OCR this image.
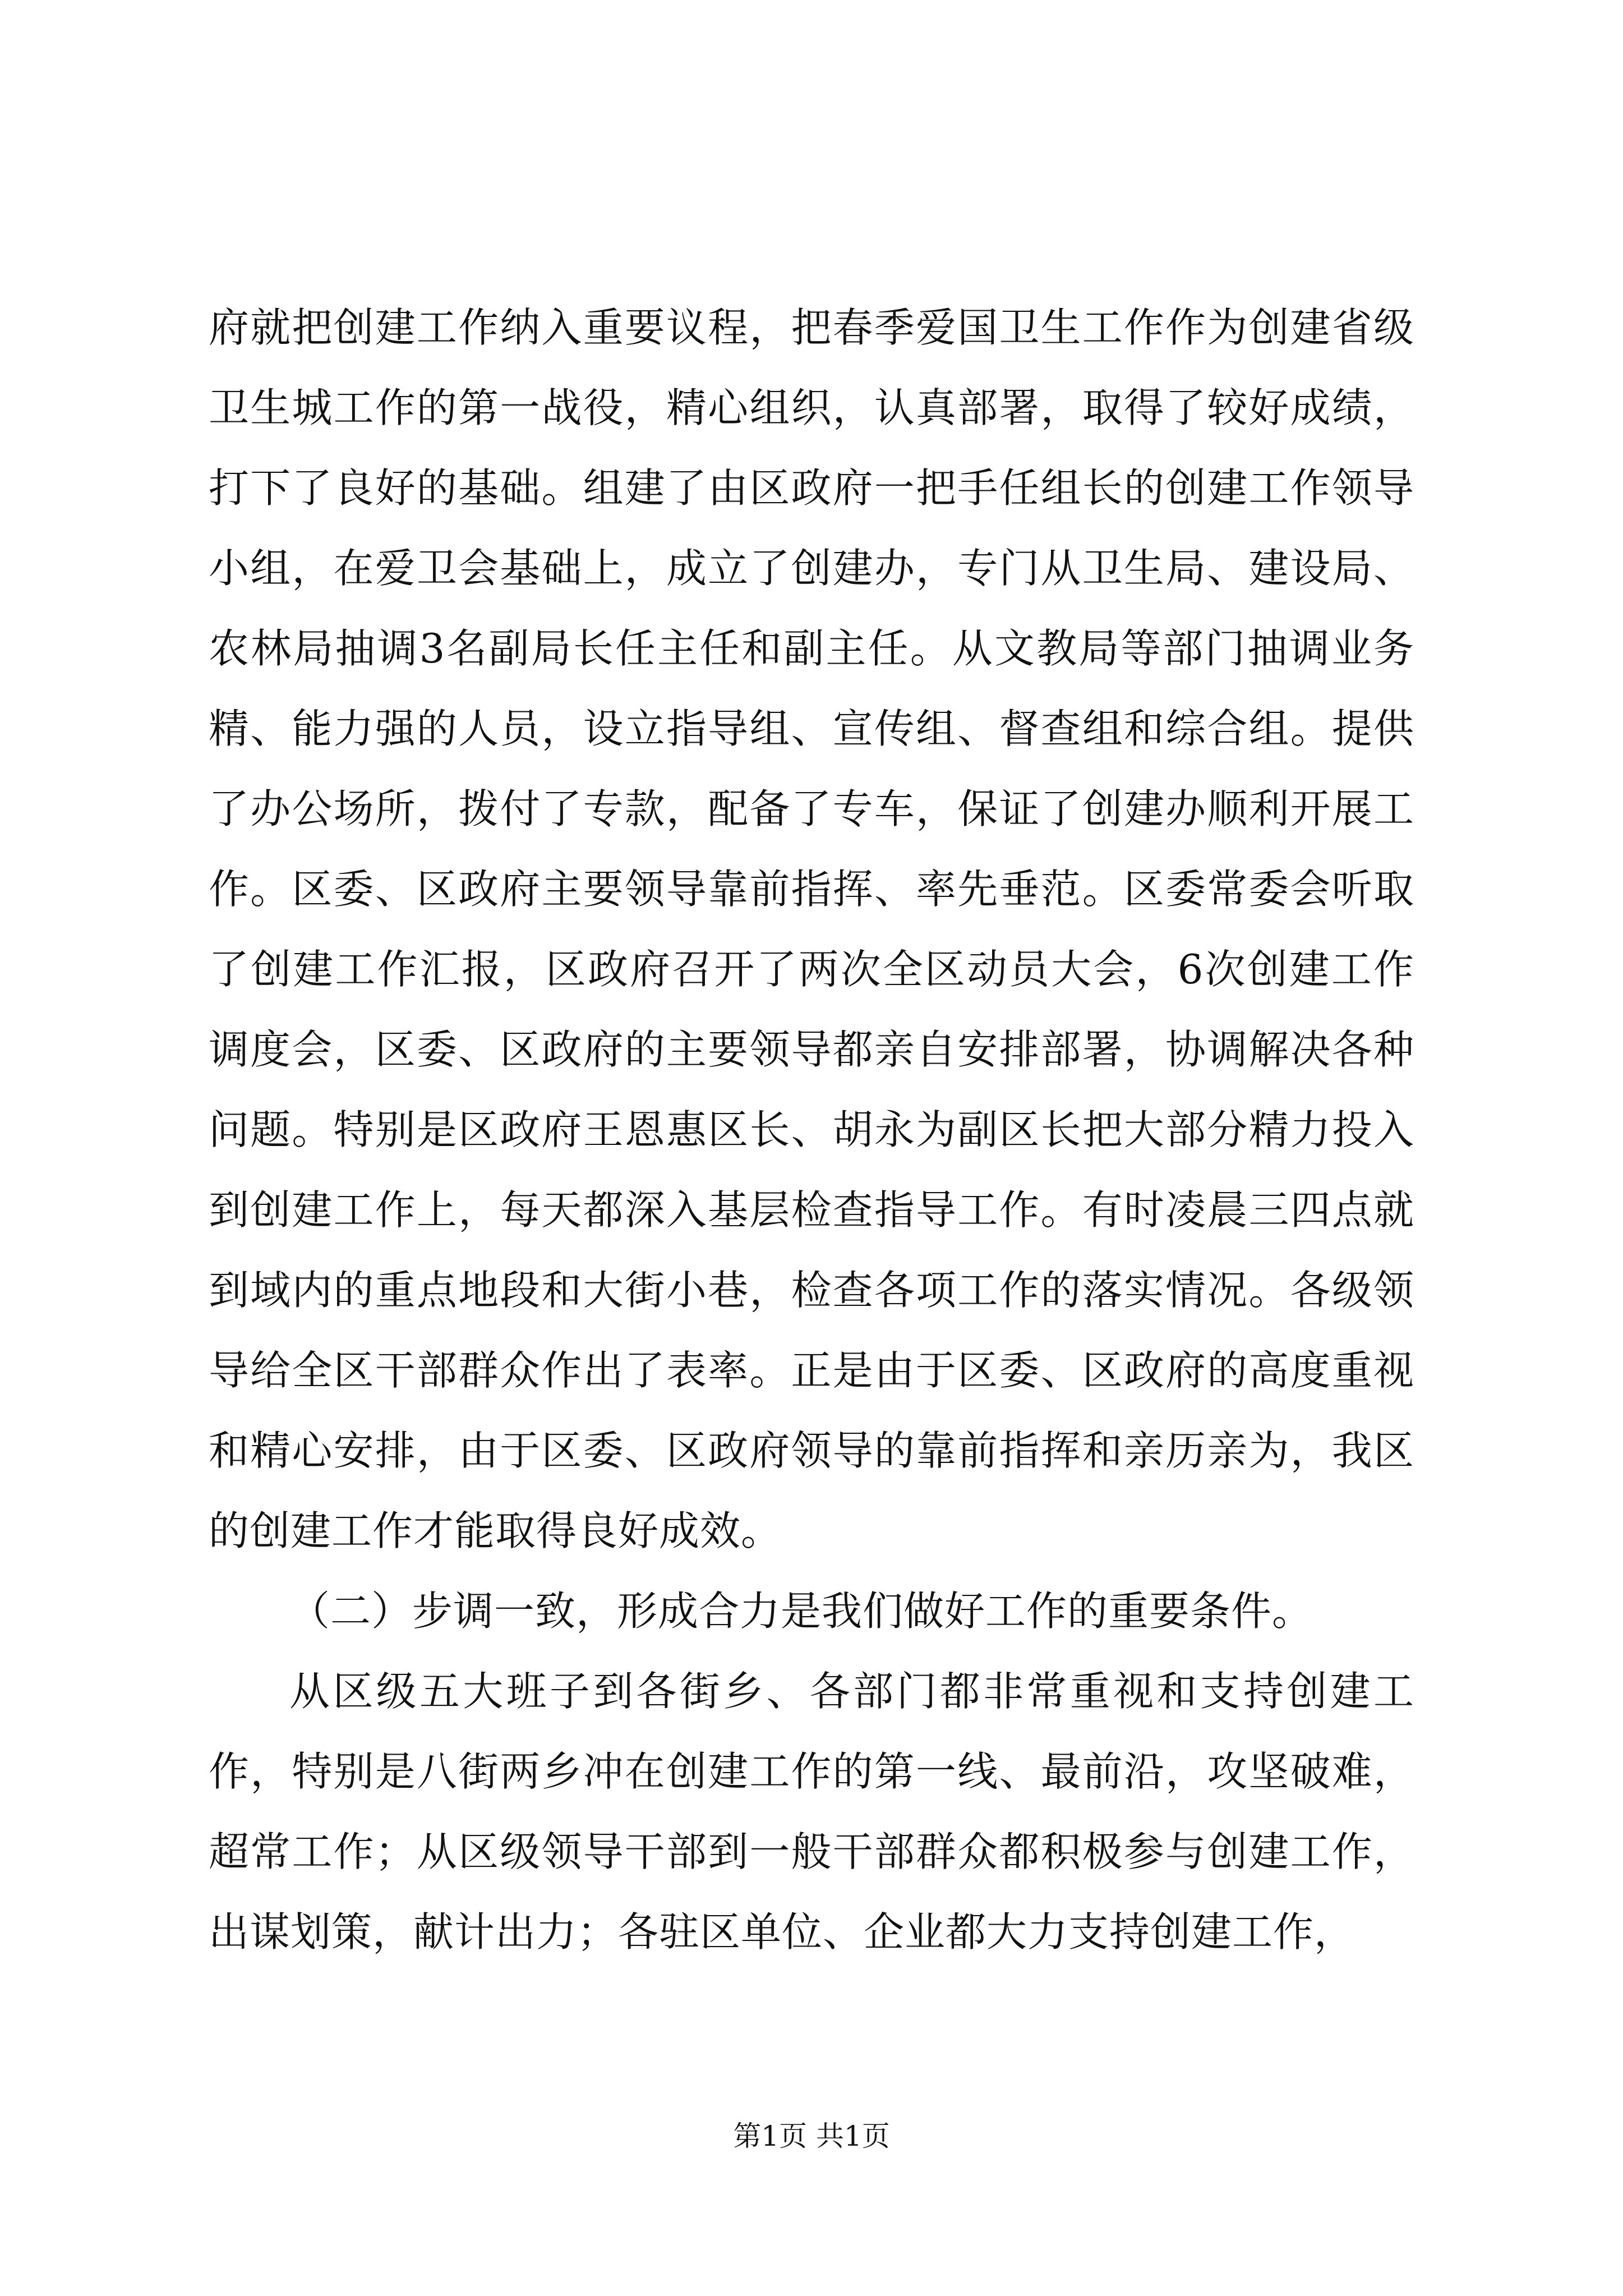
府就把创建工作纳入重要议程，把春季爱国卫生工作作为创建省级卫生城工作的第一战役，精心组织，认真部署，取得了较好成绩，打下了良好的基础。组建了由区政府一把手任组长的创建工作领导小组，在爱卫会基础上，成立了创建办，专门从卫生局、建设局、农林局抽调3名副局长任主任和副主任。从文教局等部门抽调业务精、能力强的人员，设立指导组、宣传组、督查组和综合组。提供了办公场所，拨付了专款，配备了专车，保证了创建办顺利开展工作。区委、区政府主要领导靠前指挥、率先垂范。区委常委会听取了创建工作汇报，区政府召开了两次全区动员大会，6次创建工作调度会，区委、区政府的主要领导都亲自安排部署，协调解决各种问题。特别是区政府王恩惠区长、胡永为副区长把大部分精力投入到创建工作上，每天都深入基层检查指导工作。有时凌晨三四点就到域内的重点地段和大街小巷，检查各项工作的落实情况。各级领导给全区干部群众作出了表率。正是由于区委、区政府的高度重视和精心安排，由于区委、区政府领导的靠前指挥和亲历亲为，我区的创建工作才能取得良好成效。

（二）步调一致，形成合力是我们做好工作的重要条件。

从区级五大班子到各街乡、各部门都非常重视和支持创建工作，特别是八街两乡冲在创建工作的第一线、最前沿，攻坚破难，超常工作；从区级领导干部到一般干部群众都积极参与创建工作，出谋划策，献计出力；各驻区单位、企业都大力支持创建工作，

第1页 共1页
